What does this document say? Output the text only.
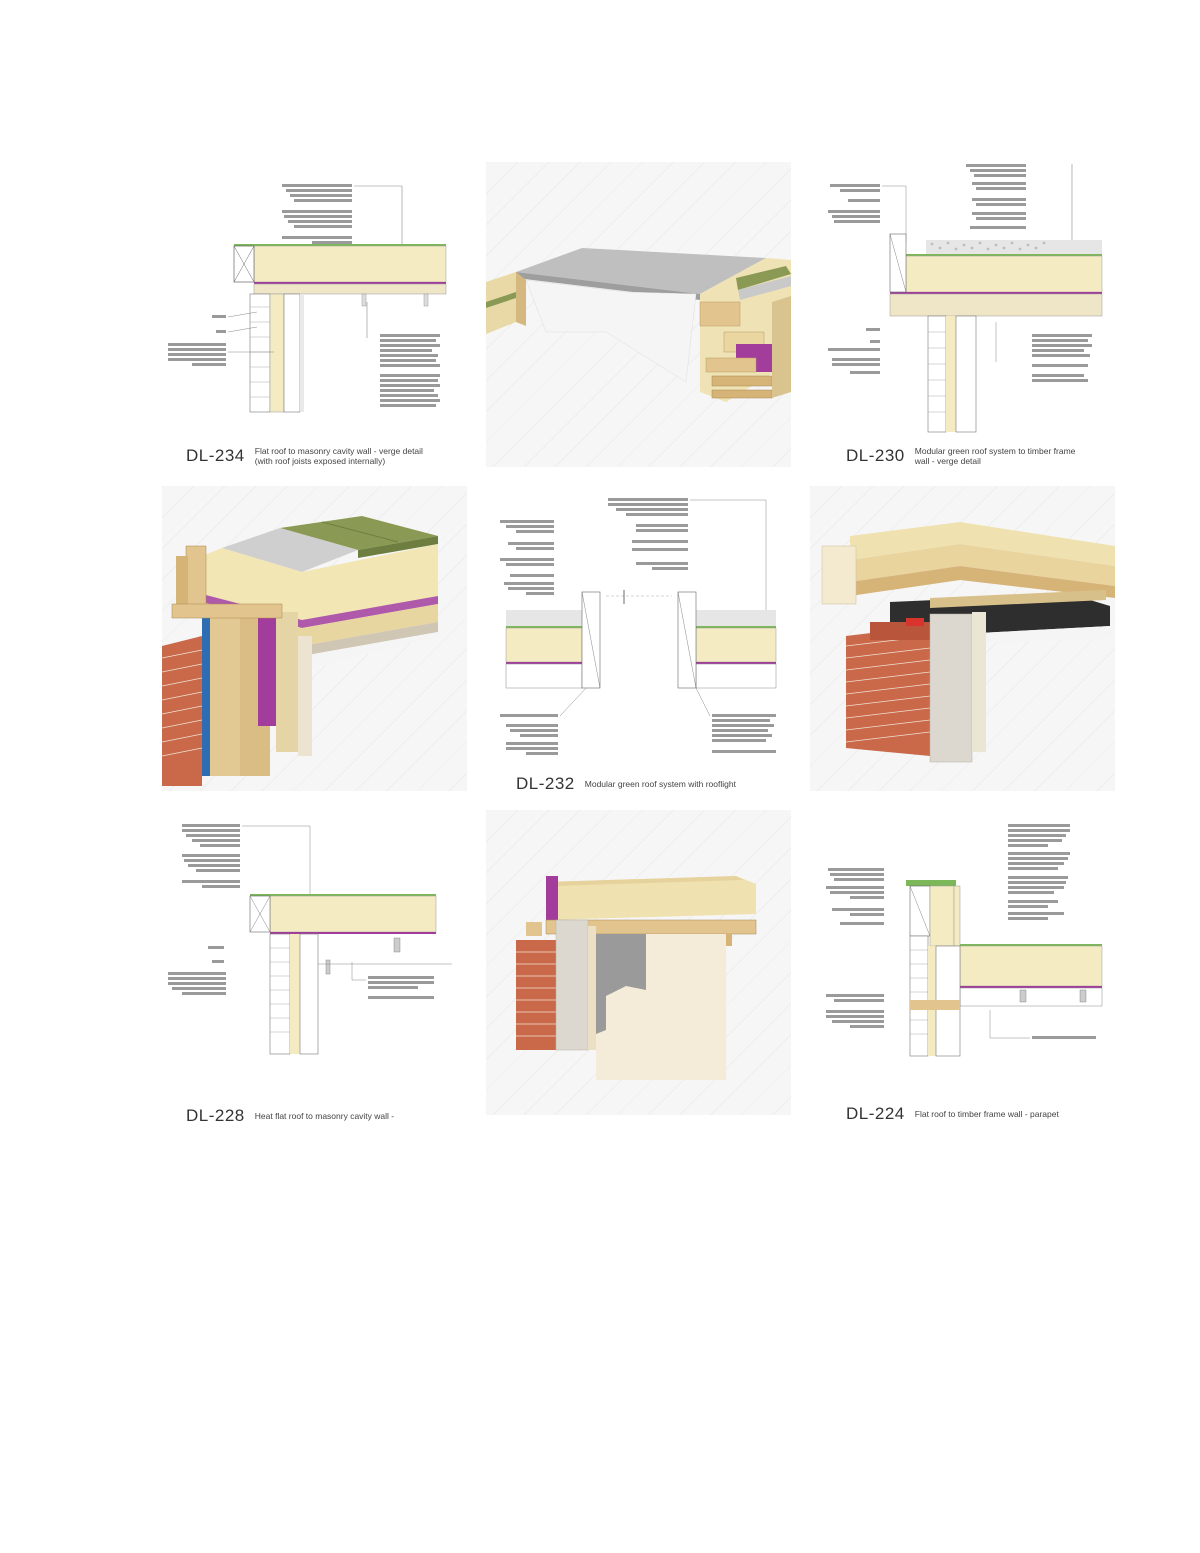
DL-234 Flat roof to masonry cavity wall - verge detail (with roof joists exposed internally)	DL-230 Modular green roof system to timber frame wall - verge detail
DL-232 Modular green roof system with rooflight
DL-228 Heat flat roof to masonry cavity wall -	DL-224 Flat roof to timber frame wall - parapet
